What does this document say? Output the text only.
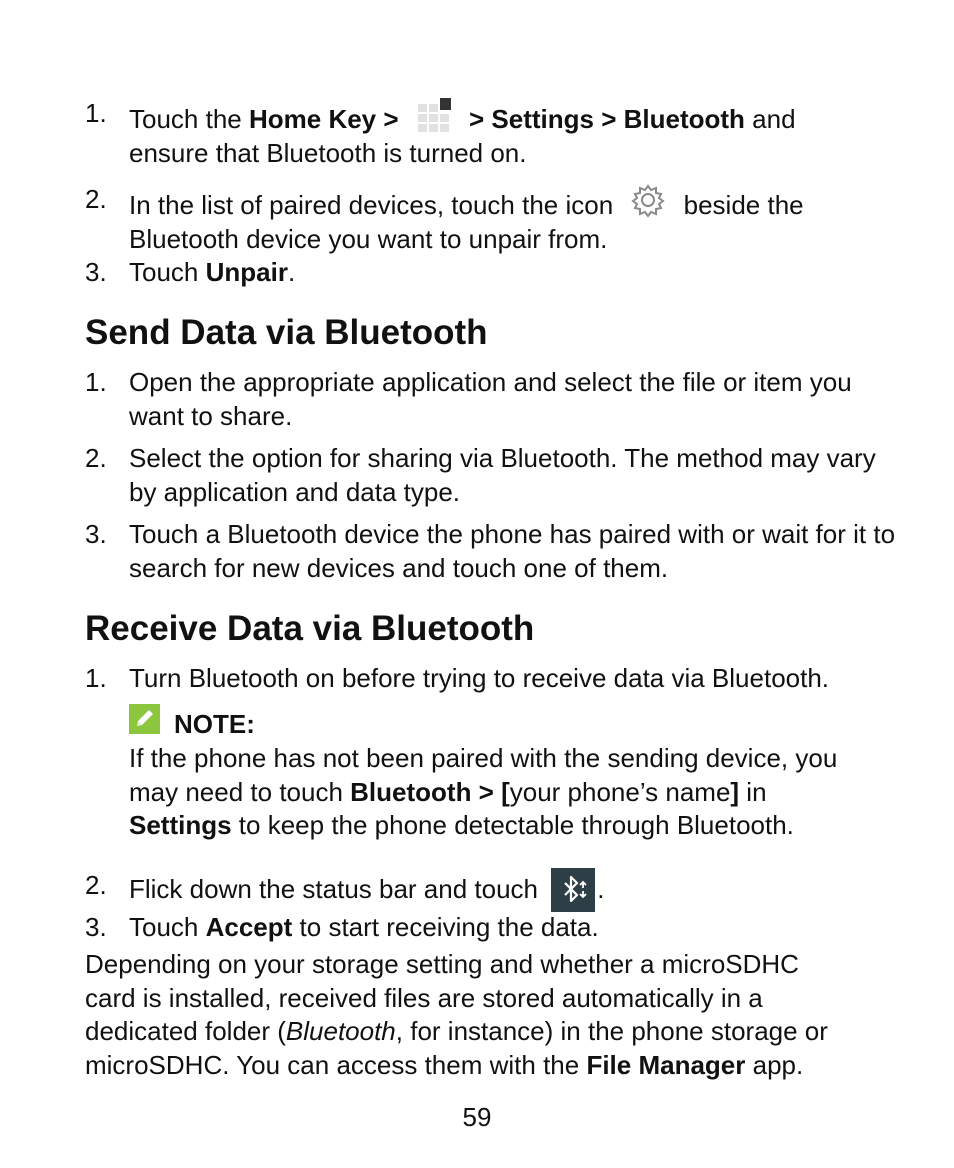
1. Touch the Home Key >  > Settings > Bluetooth and
ensure that Bluetooth is turned on.
2. In the list of paired devices, touch the icon  beside the
Bluetooth device you want to unpair from.
3. Touch Unpair.
Send Data via Bluetooth
1. Open the appropriate application and select the file or item you want to share.
2. Select the option for sharing via Bluetooth. The method may vary by application and data type.
3. Touch a Bluetooth device the phone has paired with or wait for it to search for new devices and touch one of them.
Receive Data via Bluetooth
1. Turn Bluetooth on before trying to receive data via Bluetooth.
NOTE:
If the phone has not been paired with the sending device, you
may need to touch Bluetooth > [your phone’s name] in
Settings to keep the phone detectable through Bluetooth.
2. Flick down the status bar and touch .
3. Touch Accept to start receiving the data.
Depending on your storage setting and whether a microSDHC
card is installed, received files are stored automatically in a
dedicated folder (Bluetooth, for instance) in the phone storage or
microSDHC. You can access them with the File Manager app.
59
